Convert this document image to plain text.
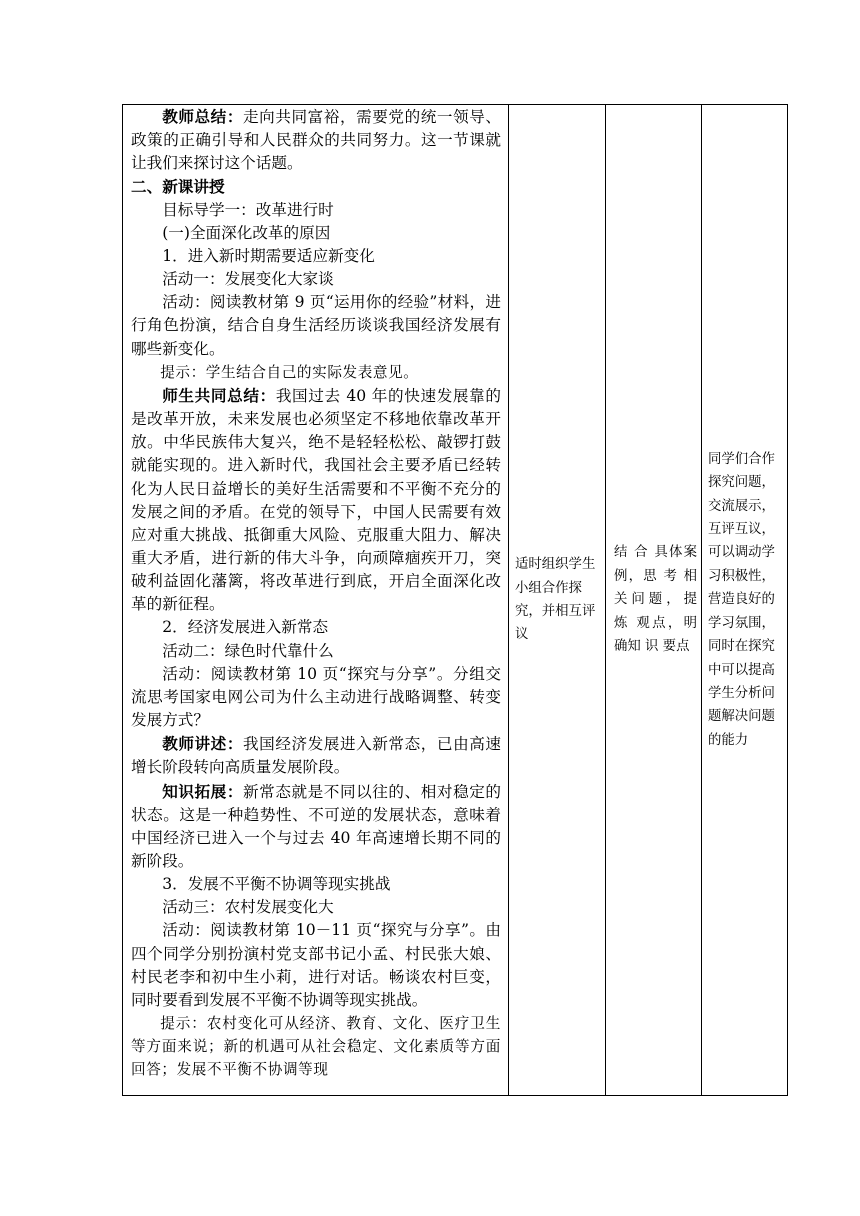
教师总结：走向共同富裕，需要党的统一领导、政策的正确引导和人民群众的共同努力。这一节课就让我们来探讨这个话题。

二、新课讲授

目标导学一：改革进行时

(一)全面深化改革的原因

1．进入新时期需要适应新变化

活动一：发展变化大家谈

活动：阅读教材第 9 页“运用你的经验”材料，进行角色扮演，结合自身生活经历谈谈我国经济发展有哪些新变化。

提示：学生结合自己的实际发表意见。

师生共同总结：我国过去 40 年的快速发展靠的是改革开放，未来发展也必须坚定不移地依靠改革开放。中华民族伟大复兴，绝不是轻轻松松、敲锣打鼓就能实现的。进入新时代，我国社会主要矛盾已经转化为人民日益增长的美好生活需要和不平衡不充分的发展之间的矛盾。在党的领导下，中国人民需要有效应对重大挑战、抵御重大风险、克服重大阻力、解决重大矛盾，进行新的伟大斗争，向顽障痼疾开刀，突破利益固化藩篱，将改革进行到底，开启全面深化改革的新征程。

2．经济发展进入新常态

活动二：绿色时代靠什么

活动：阅读教材第 10 页“探究与分享”。分组交流思考国家电网公司为什么主动进行战略调整、转变发展方式？

教师讲述：我国经济发展进入新常态，已由高速增长阶段转向高质量发展阶段。

知识拓展：新常态就是不同以往的、相对稳定的状态。这是一种趋势性、不可逆的发展状态，意味着中国经济已进入一个与过去 40 年高速增长期不同的新阶段。

3．发展不平衡不协调等现实挑战

活动三：农村发展变化大

活动：阅读教材第 10－11 页“探究与分享”。由四个同学分别扮演村党支部书记小孟、村民张大娘、村民老李和初中生小莉，进行对话。畅谈农村巨变，同时要看到发展不平衡不协调等现实挑战。

提示：农村变化可从经济、教育、文化、医疗卫生等方面来说；新的机遇可从社会稳定、文化素质等方面回答；发展不平衡不协调等现

	适时组织学生小组合作探究，并相互评议	结 合 具体案例，思 考 相关问题，提 炼 观点，明确知 识 要点	同学们合作探究问题，交流展示，互评互议，可以调动学习积极性，营造良好的学习氛围，同时在探究中可以提高学生分析问题解决问题的能力
